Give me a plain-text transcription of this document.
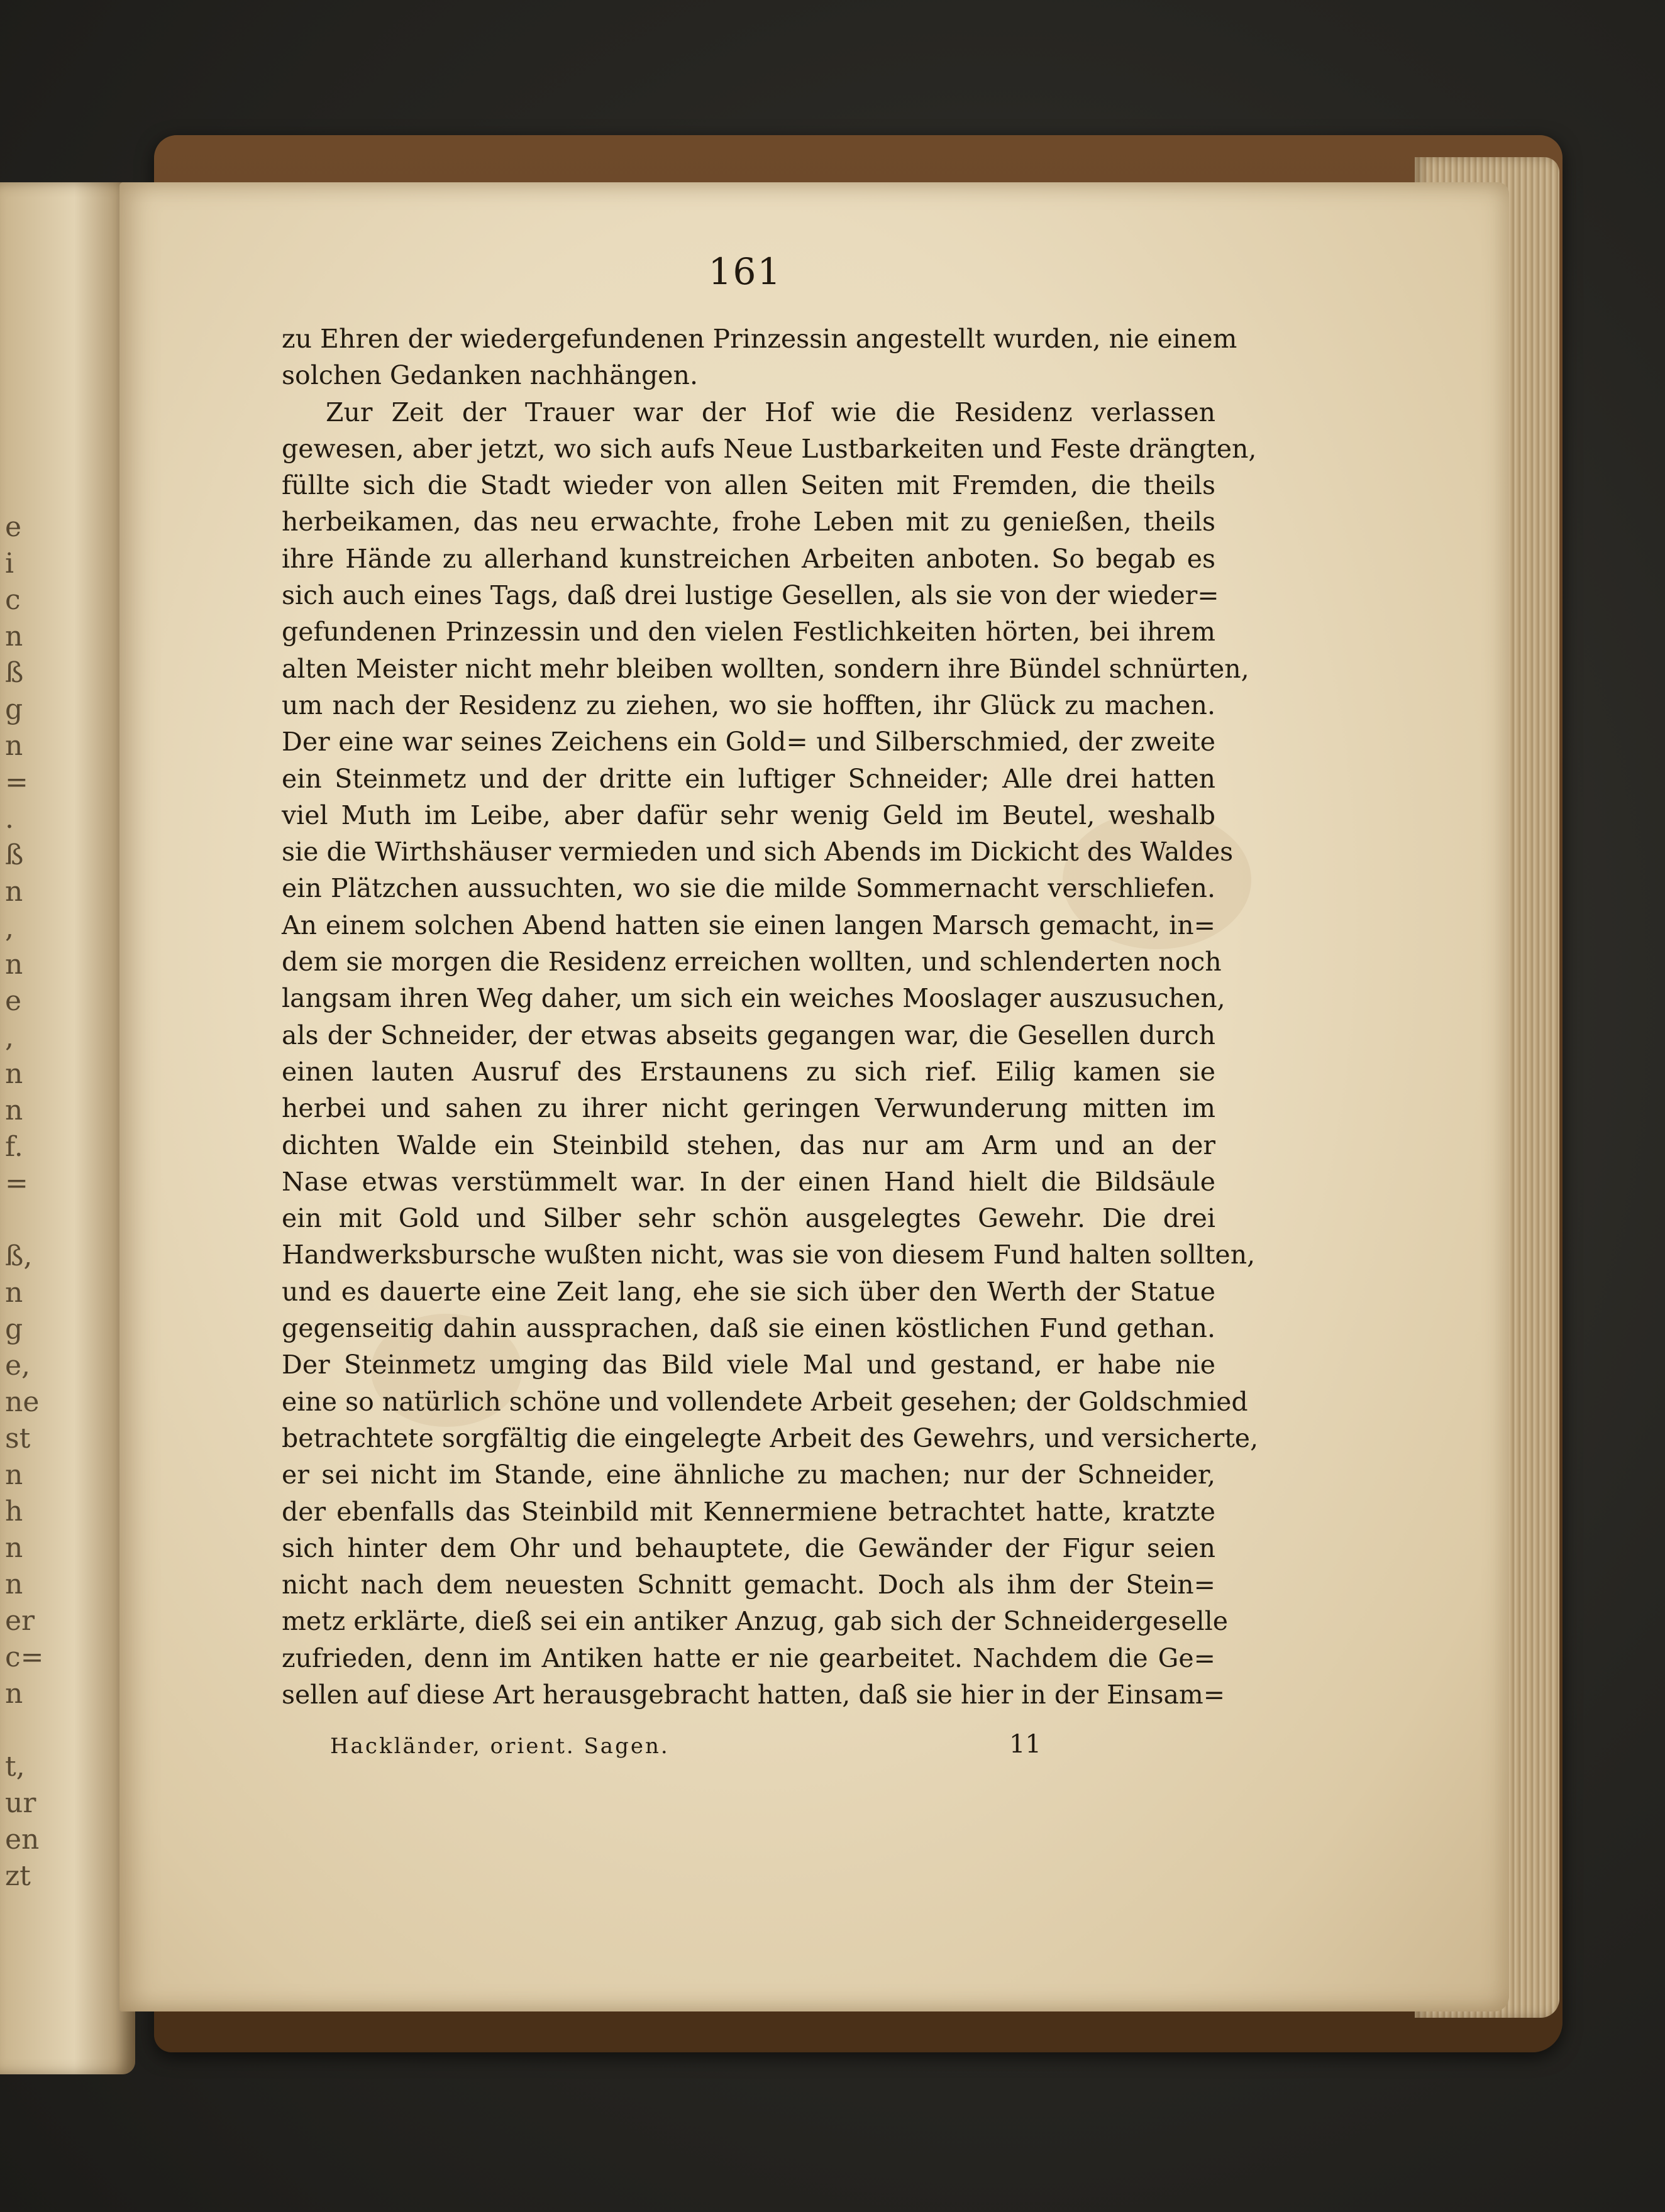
e
i
c
n
ß
g
n
=
.
ß
n
,
n
e
,
n
n
f.
=

ß,
n
g
e,
ne
st
n
h
n
n
er
c=
n

t,
ur
en
zt
161
zu Ehren der wiedergefundenen Prinzessin angestellt wurden, nie einem
solchen Gedanken nachhängen.
Zur Zeit der Trauer war der Hof wie die Residenz verlassen
gewesen, aber jetzt, wo sich aufs Neue Lustbarkeiten und Feste drängten,
füllte sich die Stadt wieder von allen Seiten mit Fremden, die theils
herbeikamen, das neu erwachte, frohe Leben mit zu genießen, theils
ihre Hände zu allerhand kunstreichen Arbeiten anboten. So begab es
sich auch eines Tags, daß drei lustige Gesellen, als sie von der wieder=
gefundenen Prinzessin und den vielen Festlichkeiten hörten, bei ihrem
alten Meister nicht mehr bleiben wollten, sondern ihre Bündel schnürten,
um nach der Residenz zu ziehen, wo sie hofften, ihr Glück zu machen.
Der eine war seines Zeichens ein Gold= und Silberschmied, der zweite
ein Steinmetz und der dritte ein luftiger Schneider; Alle drei hatten
viel Muth im Leibe, aber dafür sehr wenig Geld im Beutel, weshalb
sie die Wirthshäuser vermieden und sich Abends im Dickicht des Waldes
ein Plätzchen aussuchten, wo sie die milde Sommernacht verschliefen.
An einem solchen Abend hatten sie einen langen Marsch gemacht, in=
dem sie morgen die Residenz erreichen wollten, und schlenderten noch
langsam ihren Weg daher, um sich ein weiches Mooslager auszusuchen,
als der Schneider, der etwas abseits gegangen war, die Gesellen durch
einen lauten Ausruf des Erstaunens zu sich rief. Eilig kamen sie
herbei und sahen zu ihrer nicht geringen Verwunderung mitten im
dichten Walde ein Steinbild stehen, das nur am Arm und an der
Nase etwas verstümmelt war. In der einen Hand hielt die Bildsäule
ein mit Gold und Silber sehr schön ausgelegtes Gewehr. Die drei
Handwerksbursche wußten nicht, was sie von diesem Fund halten sollten,
und es dauerte eine Zeit lang, ehe sie sich über den Werth der Statue
gegenseitig dahin aussprachen, daß sie einen köstlichen Fund gethan.
Der Steinmetz umging das Bild viele Mal und gestand, er habe nie
eine so natürlich schöne und vollendete Arbeit gesehen; der Goldschmied
betrachtete sorgfältig die eingelegte Arbeit des Gewehrs, und versicherte,
er sei nicht im Stande, eine ähnliche zu machen; nur der Schneider,
der ebenfalls das Steinbild mit Kennermiene betrachtet hatte, kratzte
sich hinter dem Ohr und behauptete, die Gewänder der Figur seien
nicht nach dem neuesten Schnitt gemacht. Doch als ihm der Stein=
metz erklärte, dieß sei ein antiker Anzug, gab sich der Schneidergeselle
zufrieden, denn im Antiken hatte er nie gearbeitet. Nachdem die Ge=
sellen auf diese Art herausgebracht hatten, daß sie hier in der Einsam=
Hackländer, orient. Sagen.	11
